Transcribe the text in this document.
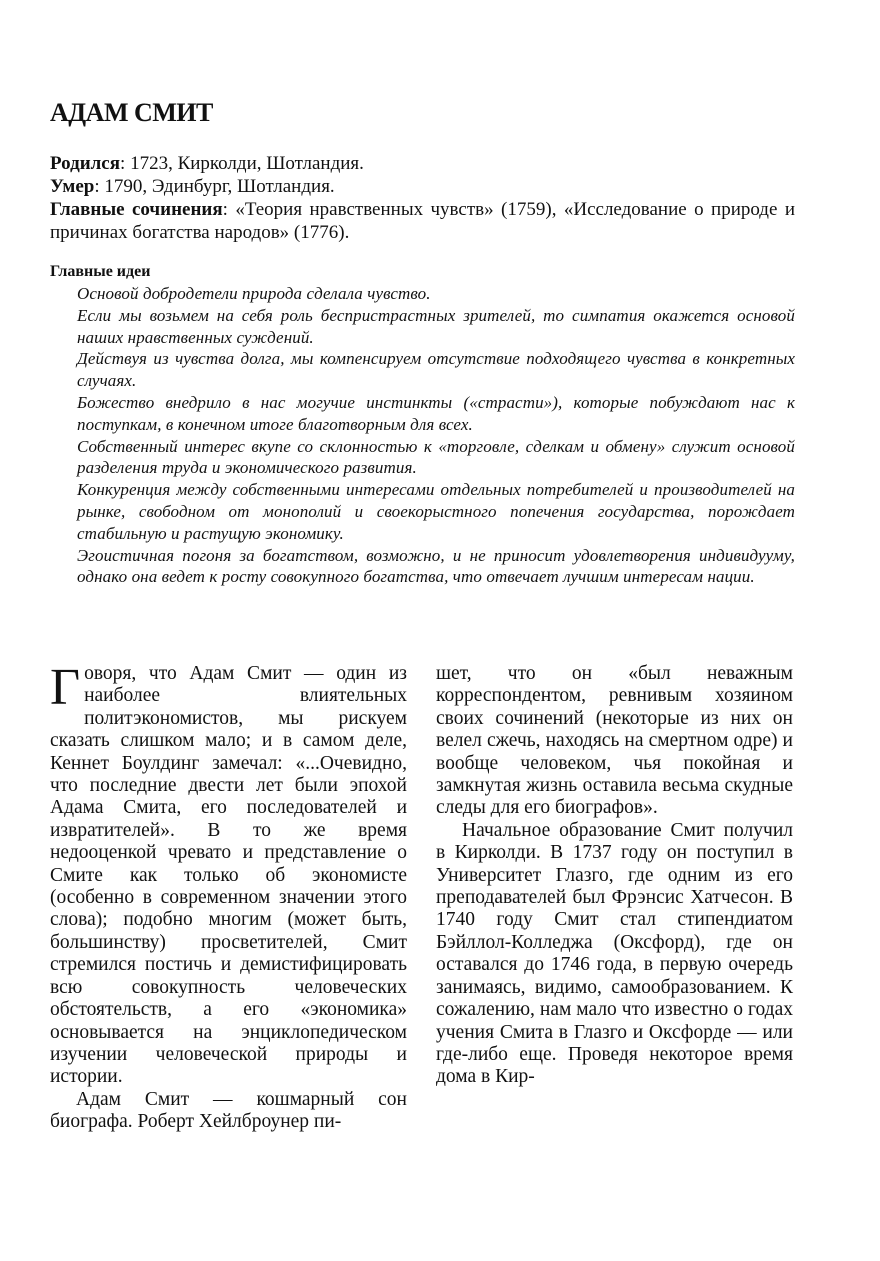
АДАМ СМИТ
Родился: 1723, Кирколди, Шотландия.
Умер: 1790, Эдинбург, Шотландия.
Главные сочинения: «Теория нравственных чувств» (1759), «Исследование о природе и причинах богатства народов» (1776).
Главные идеи

Основой добродетели природа сделала чувство.

Если мы возьмем на себя роль беспристрастных зрителей, то симпатия окажется основой наших нравственных суждений.

Действуя из чувства долга, мы компенсируем отсутствие подходящего чувства в конкретных случаях.

Божество внедрило в нас могучие инстинкты («страсти»), которые побуждают нас к поступкам, в конечном итоге благотворным для всех.

Собственный интерес вкупе со склонностью к «торговле, сделкам и обмену» служит основой разделения труда и экономического развития.

Конкуренция между собственными интересами отдельных потребителей и производителей на рынке, свободном от монополий и своекорыстного попечения государства, порождает стабильную и растущую экономику.

Эгоистичная погоня за богатством, возможно, и не приносит удовлетворения индивидууму, однако она ведет к росту совокупного богатства, что отвечает лучшим интересам нации.

Говоря, что Адам Смит — один из наиболее влиятельных политэкономистов, мы рискуем сказать слишком мало; и в самом деле, Кеннет Боулдинг замечал: «...Очевидно, что последние двести лет были эпохой Адама Смита, его последователей и извратителей». В то же время недооценкой чревато и представление о Смите как только об экономисте (особенно в современном значении этого слова); подобно многим (может быть, большинству) просветителей, Смит стремился постичь и демистифицировать всю совокупность человеческих обстоятельств, а его «экономика» основывается на энциклопедическом изучении человеческой природы и истории.

Адам Смит — кошмарный сон биографа. Роберт Хейлброунер пи-

шет, что он «был неважным корреспондентом, ревнивым хозяином своих сочинений (некоторые из них он велел сжечь, находясь на смертном одре) и вообще человеком, чья покойная и замкнутая жизнь оставила весьма скудные следы для его биографов».

Начальное образование Смит получил в Кирколди. В 1737 году он поступил в Университет Глазго, где одним из его преподавателей был Фрэнсис Хатчесон. В 1740 году Смит стал стипендиатом Бэйллол-Колледжа (Оксфорд), где он оставался до 1746 года, в первую очередь занимаясь, видимо, самообразованием. К сожалению, нам мало что известно о годах учения Смита в Глазго и Оксфорде — или где-либо еще. Проведя некоторое время дома в Кир-
